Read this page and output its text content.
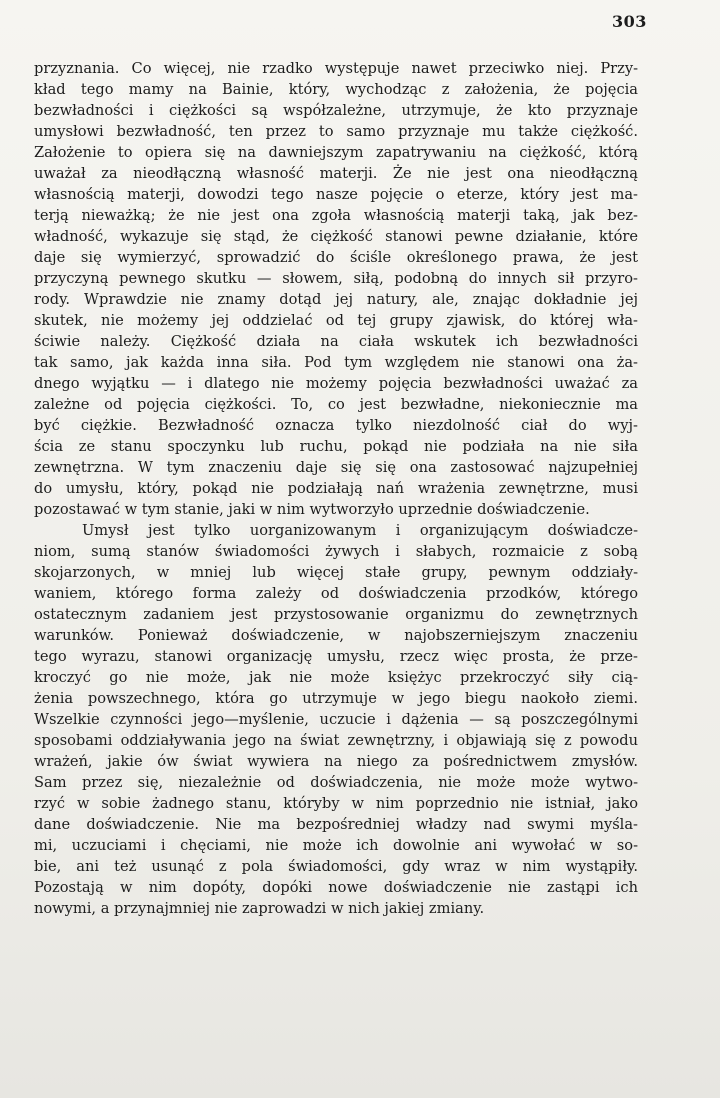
303
przyznania. Co więcej, nie rzadko występuje nawet przeciwko niej. Przy-
kład tego mamy na Bainie, który, wychodząc z założenia, że pojęcia
bezwładności i ciężkości są współzależne, utrzymuje, że kto przyznaje
umysłowi bezwładność, ten przez to samo przyznaje mu także ciężkość.
Założenie to opiera się na dawniejszym zapatrywaniu na ciężkość, którą
uważał za nieodłączną własność materji. Że nie jest ona nieodłączną
własnością materji, dowodzi tego nasze pojęcie o eterze, który jest ma-
terją nieważką; że nie jest ona zgoła własnością materji taką, jak bez-
władność, wykazuje się stąd, że ciężkość stanowi pewne działanie, które
daje się wymierzyć, sprowadzić do ściśle określonego prawa, że jest
przyczyną pewnego skutku — słowem, siłą, podobną do innych sił przyro-
rody. Wprawdzie nie znamy dotąd jej natury, ale, znając dokładnie jej
skutek, nie możemy jej oddzielać od tej grupy zjawisk, do której wła-
ściwie należy. Ciężkość działa na ciała wskutek ich bezwładności
tak samo, jak każda inna siła. Pod tym względem nie stanowi ona ża-
dnego wyjątku — i dlatego nie możemy pojęcia bezwładności uważać za
zależne od pojęcia ciężkości. To, co jest bezwładne, niekoniecznie ma
być ciężkie. Bezwładność oznacza tylko niezdolność ciał do wyj-
ścia ze stanu spoczynku lub ruchu, pokąd nie podziała na nie siła
zewnętrzna. W tym znaczeniu daje się się ona zastosować najzupełniej
do umysłu, który, pokąd nie podziałają nań wrażenia zewnętrzne, musi
pozostawać w tym stanie, jaki w nim wytworzyło uprzednie doświadczenie.
Umysł jest tylko uorganizowanym i organizującym doświadcze-
niom, sumą stanów świadomości żywych i słabych, rozmaicie z sobą
skojarzonych, w mniej lub więcej stałe grupy, pewnym oddziały-
waniem, którego forma zależy od doświadczenia przodków, którego
ostatecznym zadaniem jest przystosowanie organizmu do zewnętrznych
warunków. Ponieważ doświadczenie, w najobszerniejszym znaczeniu
tego wyrazu, stanowi organizację umysłu, rzecz więc prosta, że prze-
kroczyć go nie może, jak nie może księżyc przekroczyć siły cią-
żenia powszechnego, która go utrzymuje w jego biegu naokoło ziemi.
Wszelkie czynności jego—myślenie, uczucie i dążenia — są poszczególnymi
sposobami oddziaływania jego na świat zewnętrzny, i objawiają się z powodu
wrażeń, jakie ów świat wywiera na niego za pośrednictwem zmysłów.
Sam przez się, niezależnie od doświadczenia, nie może może wytwo-
rzyć w sobie żadnego stanu, któryby w nim poprzednio nie istniał, jako
dane doświadczenie. Nie ma bezpośredniej władzy nad swymi myśla-
mi, uczuciami i chęciami, nie może ich dowolnie ani wywołać w so-
bie, ani też usunąć z pola świadomości, gdy wraz w nim wystąpiły.
Pozostają w nim dopóty, dopóki nowe doświadczenie nie zastąpi ich
nowymi, a przynajmniej nie zaprowadzi w nich jakiej zmiany.
